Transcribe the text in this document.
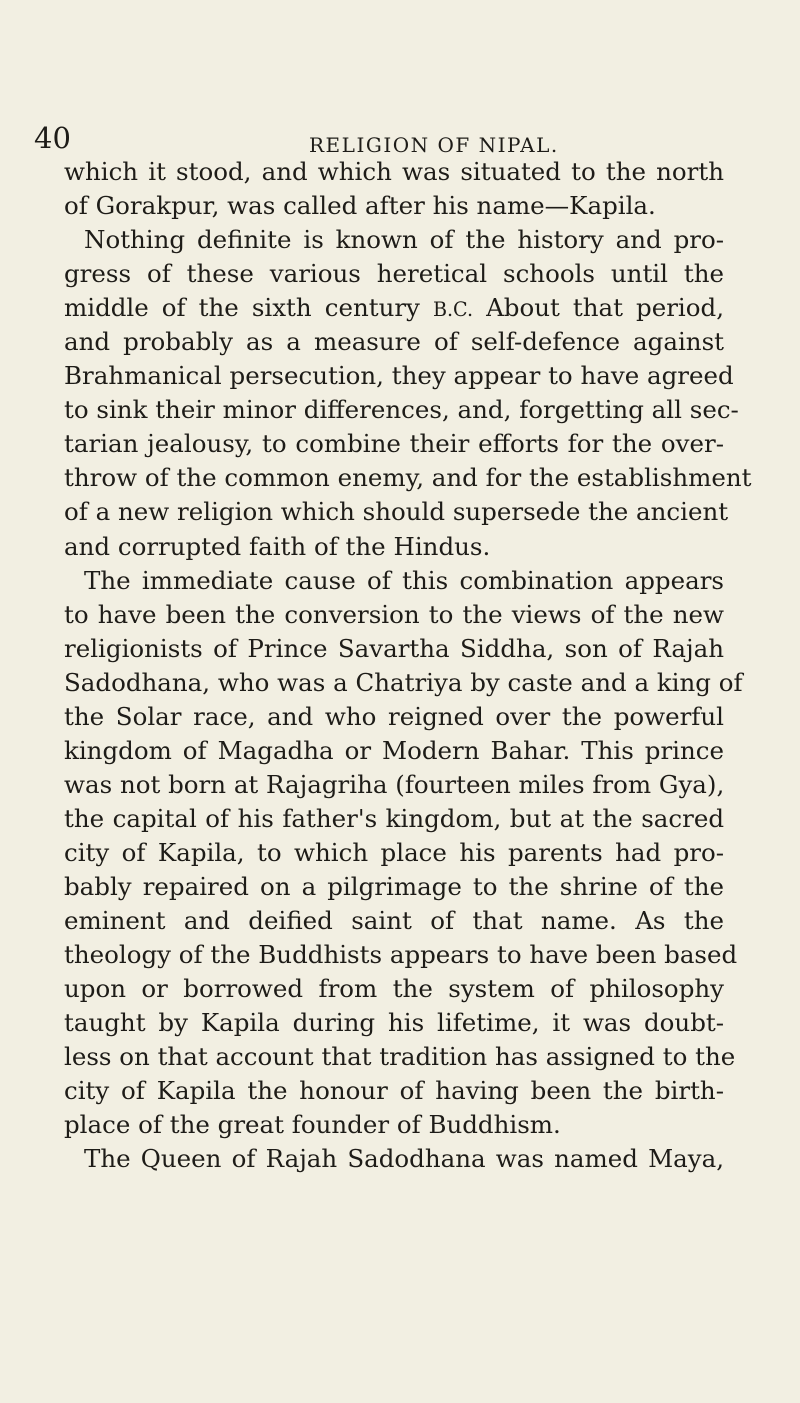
40	RELIGION OF NIPAL.
which it stood, and which was situated to the north
of Gorakpur, was called after his name—Kapila.
Nothing definite is known of the history and pro-
gress of these various heretical schools until the
middle of the sixth century B.C. About that period,
and probably as a measure of self-defence against
Brahmanical persecution, they appear to have agreed
to sink their minor differences, and, forgetting all sec-
tarian jealousy, to combine their efforts for the over-
throw of the common enemy, and for the establishment
of a new religion which should supersede the ancient
and corrupted faith of the Hindus.
The immediate cause of this combination appears
to have been the conversion to the views of the new
religionists of Prince Savartha Siddha, son of Rajah
Sadodhana, who was a Chatriya by caste and a king of
the Solar race, and who reigned over the powerful
kingdom of Magadha or Modern Bahar. This prince
was not born at Rajagriha (fourteen miles from Gya),
the capital of his father's kingdom, but at the sacred
city of Kapila, to which place his parents had pro-
bably repaired on a pilgrimage to the shrine of the
eminent and deified saint of that name. As the
theology of the Buddhists appears to have been based
upon or borrowed from the system of philosophy
taught by Kapila during his lifetime, it was doubt-
less on that account that tradition has assigned to the
city of Kapila the honour of having been the birth-
place of the great founder of Buddhism.
The Queen of Rajah Sadodhana was named Maya,
